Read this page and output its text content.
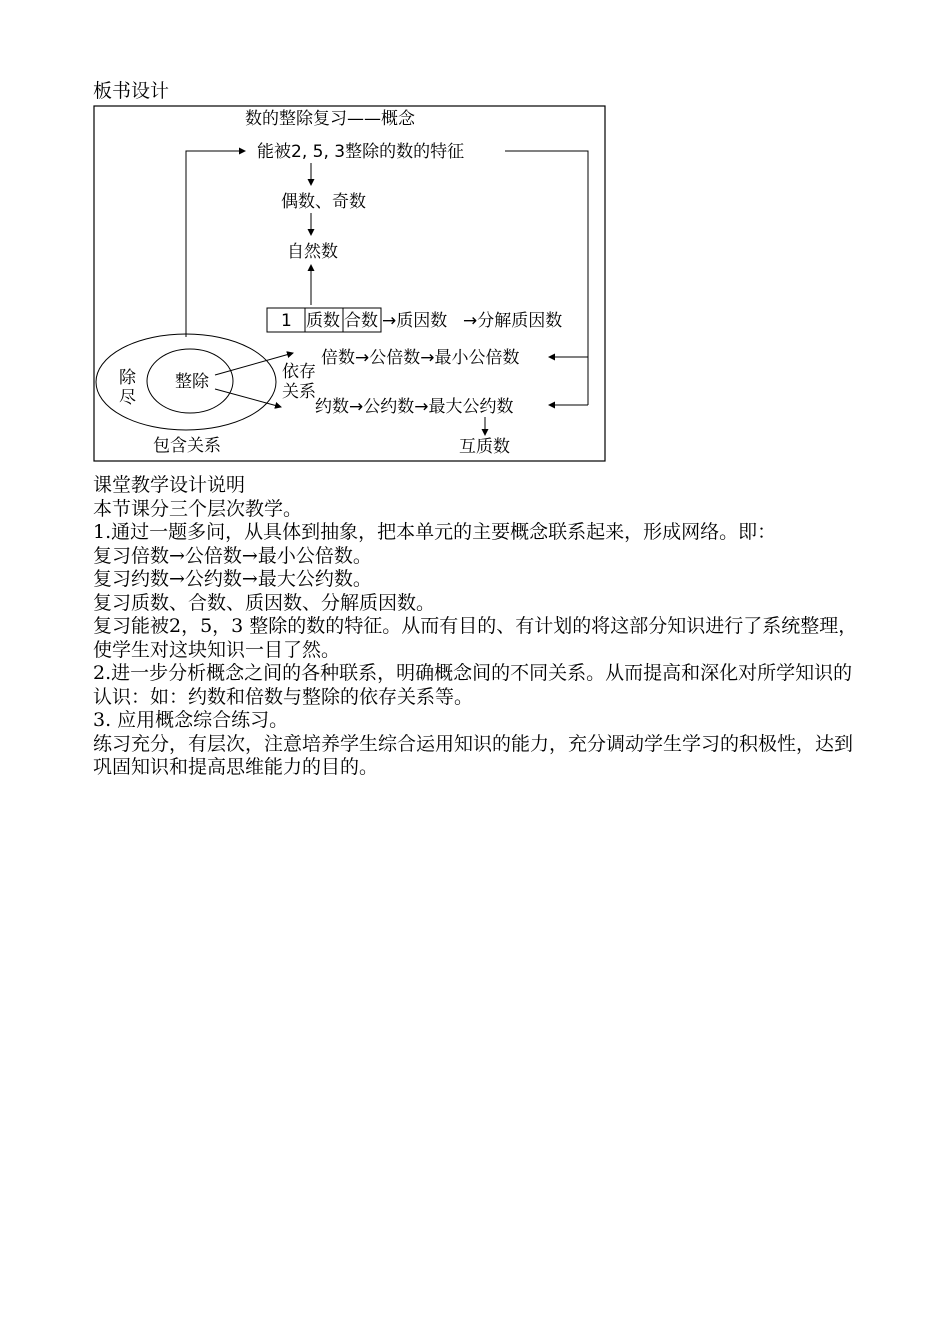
板书设计
数的整除复习——概念
能被2, 5, 3整除的数的特征
偶数、奇数
自然数
1 质数 合数 →质因数 →分解质因数
倍数→公倍数→最小公倍数
约数→公约数→最大公约数
互质数
除
尽
整除	依存
关系
包含关系

课堂教学设计说明

本节课分三个层次教学。

1.通过一题多问，从具体到抽象，把本单元的主要概念联系起来，形成网络。即：

复习倍数→公倍数→最小公倍数。

复习约数→公约数→最大公约数。

复习质数、合数、质因数、分解质因数。

复习能被2，5，3 整除的数的特征。从而有目的、有计划的将这部分知识进行了系统整理，使学生对这块知识一目了然。

2.进一步分析概念之间的各种联系，明确概念间的不同关系。从而提高和深化对所学知识的认识：如：约数和倍数与整除的依存关系等。

3. 应用概念综合练习。

练习充分，有层次，注意培养学生综合运用知识的能力，充分调动学生学习的积极性，达到巩固知识和提高思维能力的目的。
